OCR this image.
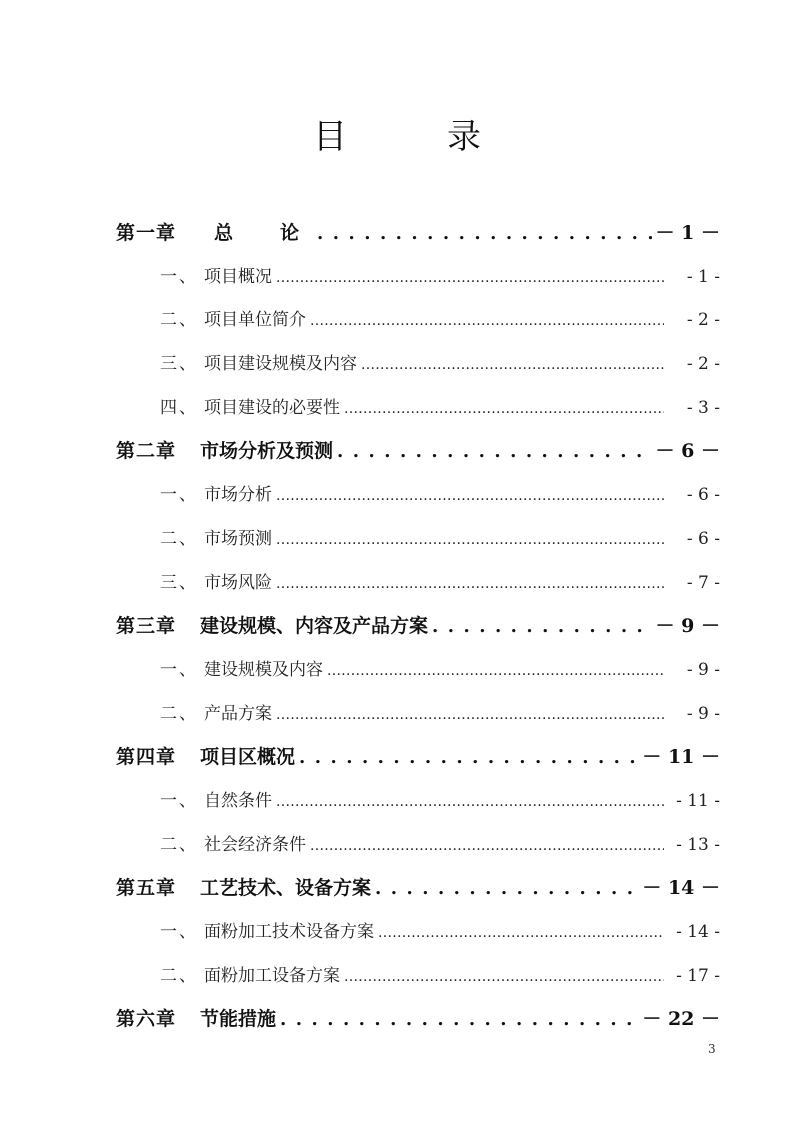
目	录
第一章	总　论 . . .	－ 1 －
一、 项目概况 .....	- 1 -
二、 项目单位简介 .....	- 2 -
三、 项目建设规模及内容 .....	- 2 -
四、 项目建设的必要性 .....	- 3 -
第二章	市场分析及预测 . . .	－ 6 －
一、 市场分析 .....	- 6 -
二、 市场预测 .....	- 6 -
三、 市场风险 .....	- 7 -
第三章	建设规模、内容及产品方案 . . .	－ 9 －
一、 建设规模及内容 .....	- 9 -
二、 产品方案 .....	- 9 -
第四章	项目区概况 . . .	－ 11 －
一、 自然条件 .....	- 11 -
二、 社会经济条件 .....	- 13 -
第五章	工艺技术、设备方案 . . .	－ 14 －
一、 面粉加工技术设备方案 .....	- 14 -
二、 面粉加工设备方案 .....	- 17 -
第六章	节能措施 . . .	－ 22 －
3
